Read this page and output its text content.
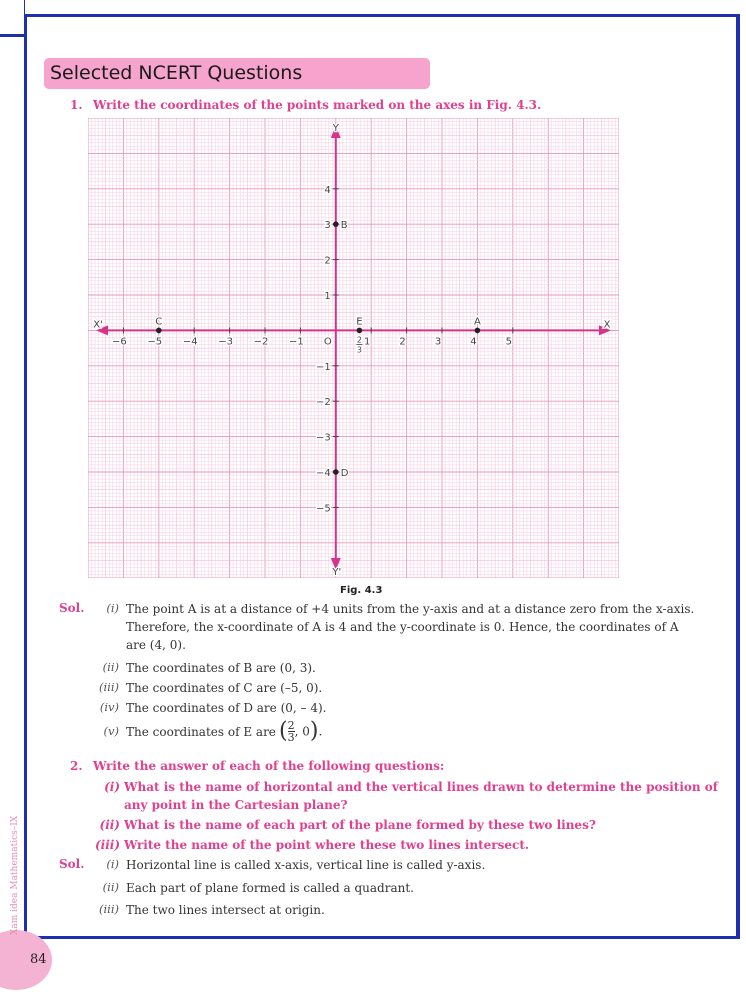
Selected NCERT Questions
1. Write the coordinates of the points marked on the axes in Fig. 4.3.
X
X'
Y
Y'
O
−6 −5 −4 −3 −2 −1	1	2	3	4	5
4
3
2
1
−1
−2
−3
−4
−5
2
3
A
B
C
D
E
Fig. 4.3
Sol.	(i) The point A is at a distance of +4 units from the y-axis and at a distance zero from the x-axis.
Therefore, the x-coordinate of A is 4 and the y-coordinate is 0. Hence, the coordinates of A
are (4, 0).
(ii) The coordinates of B are (0, 3).
(iii) The coordinates of C are (–5, 0).
(iv) The coordinates of D are (0, – 4).
(v) The coordinates of E are ( $\frac{2}{3}$ , 0).
2. Write the answer of each of the following questions:
(i) What is the name of horizontal and the vertical lines drawn to determine the position of
any point in the Cartesian plane?
(ii) What is the name of each part of the plane formed by these two lines?
(iii) Write the name of the point where these two lines intersect.
Sol.	(i) Horizontal line is called x-axis, vertical line is called y-axis.
(ii) Each part of plane formed is called a quadrant.
(iii) The two lines intersect at origin.
84
Xam idea Mathematics–IX
